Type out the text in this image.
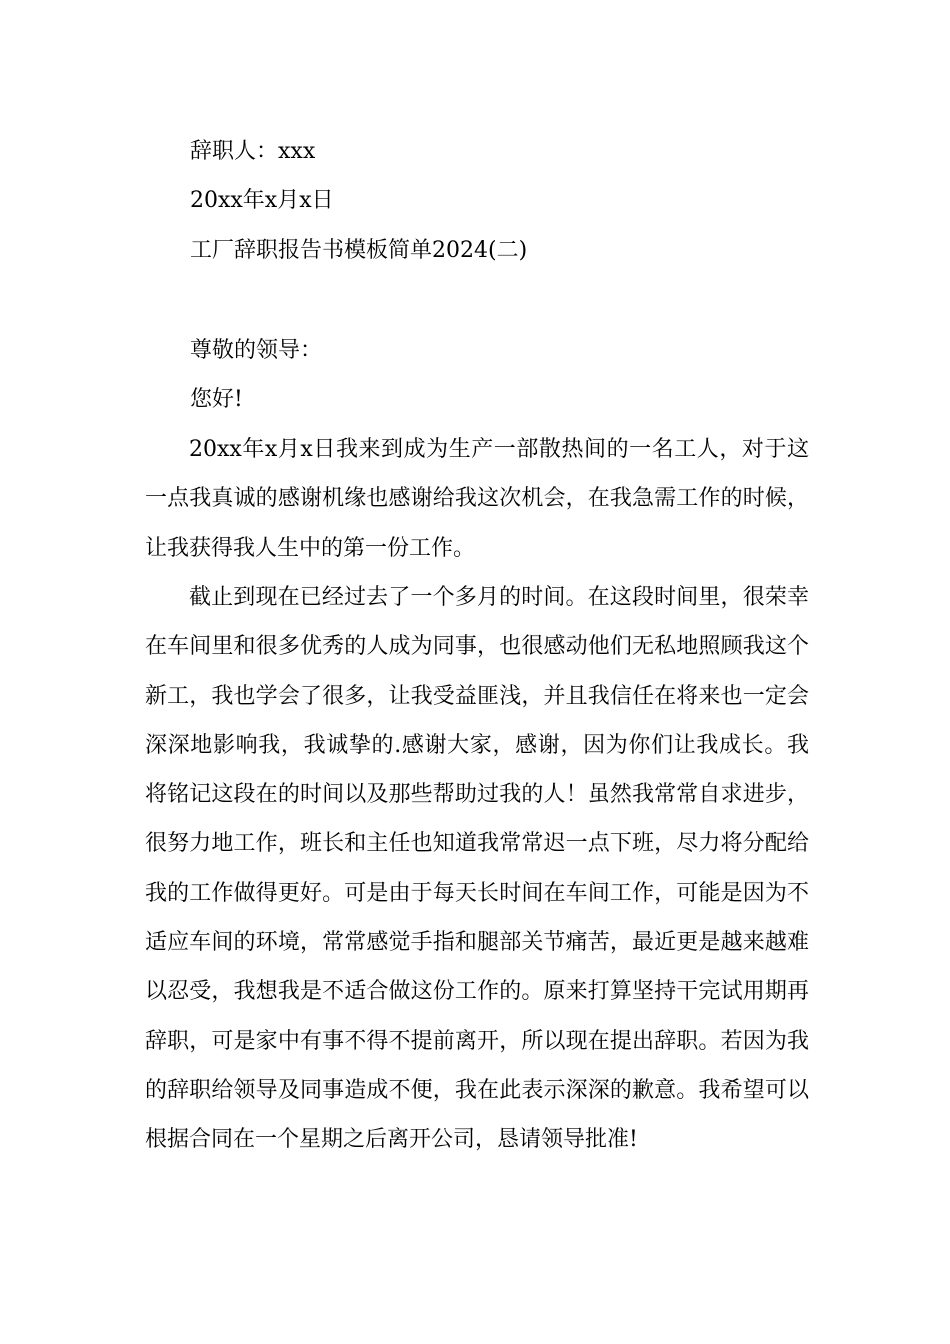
辞职人：xxx
20xx年x月x日
工厂辞职报告书模板简单2024(二)
尊敬的领导：
您好!

20xx年x月x日我来到成为生产一部散热间的一名工人，对于这一点我真诚的感谢机缘也感谢给我这次机会，在我急需工作的时候，让我获得我人生中的第一份工作。

截止到现在已经过去了一个多月的时间。在这段时间里，很荣幸在车间里和很多优秀的人成为同事，也很感动他们无私地照顾我这个新工，我也学会了很多，让我受益匪浅，并且我信任在将来也一定会深深地影响我，我诚挚的.感谢大家，感谢，因为你们让我成长。我将铭记这段在的时间以及那些帮助过我的人！虽然我常常自求进步，很努力地工作，班长和主任也知道我常常迟一点下班，尽力将分配给我的工作做得更好。可是由于每天长时间在车间工作，可能是因为不适应车间的环境，常常感觉手指和腿部关节痛苦，最近更是越来越难以忍受，我想我是不适合做这份工作的。原来打算坚持干完试用期再辞职，可是家中有事不得不提前离开，所以现在提出辞职。若因为我的辞职给领导及同事造成不便，我在此表示深深的歉意。我希望可以根据合同在一个星期之后离开公司，恳请领导批准!
